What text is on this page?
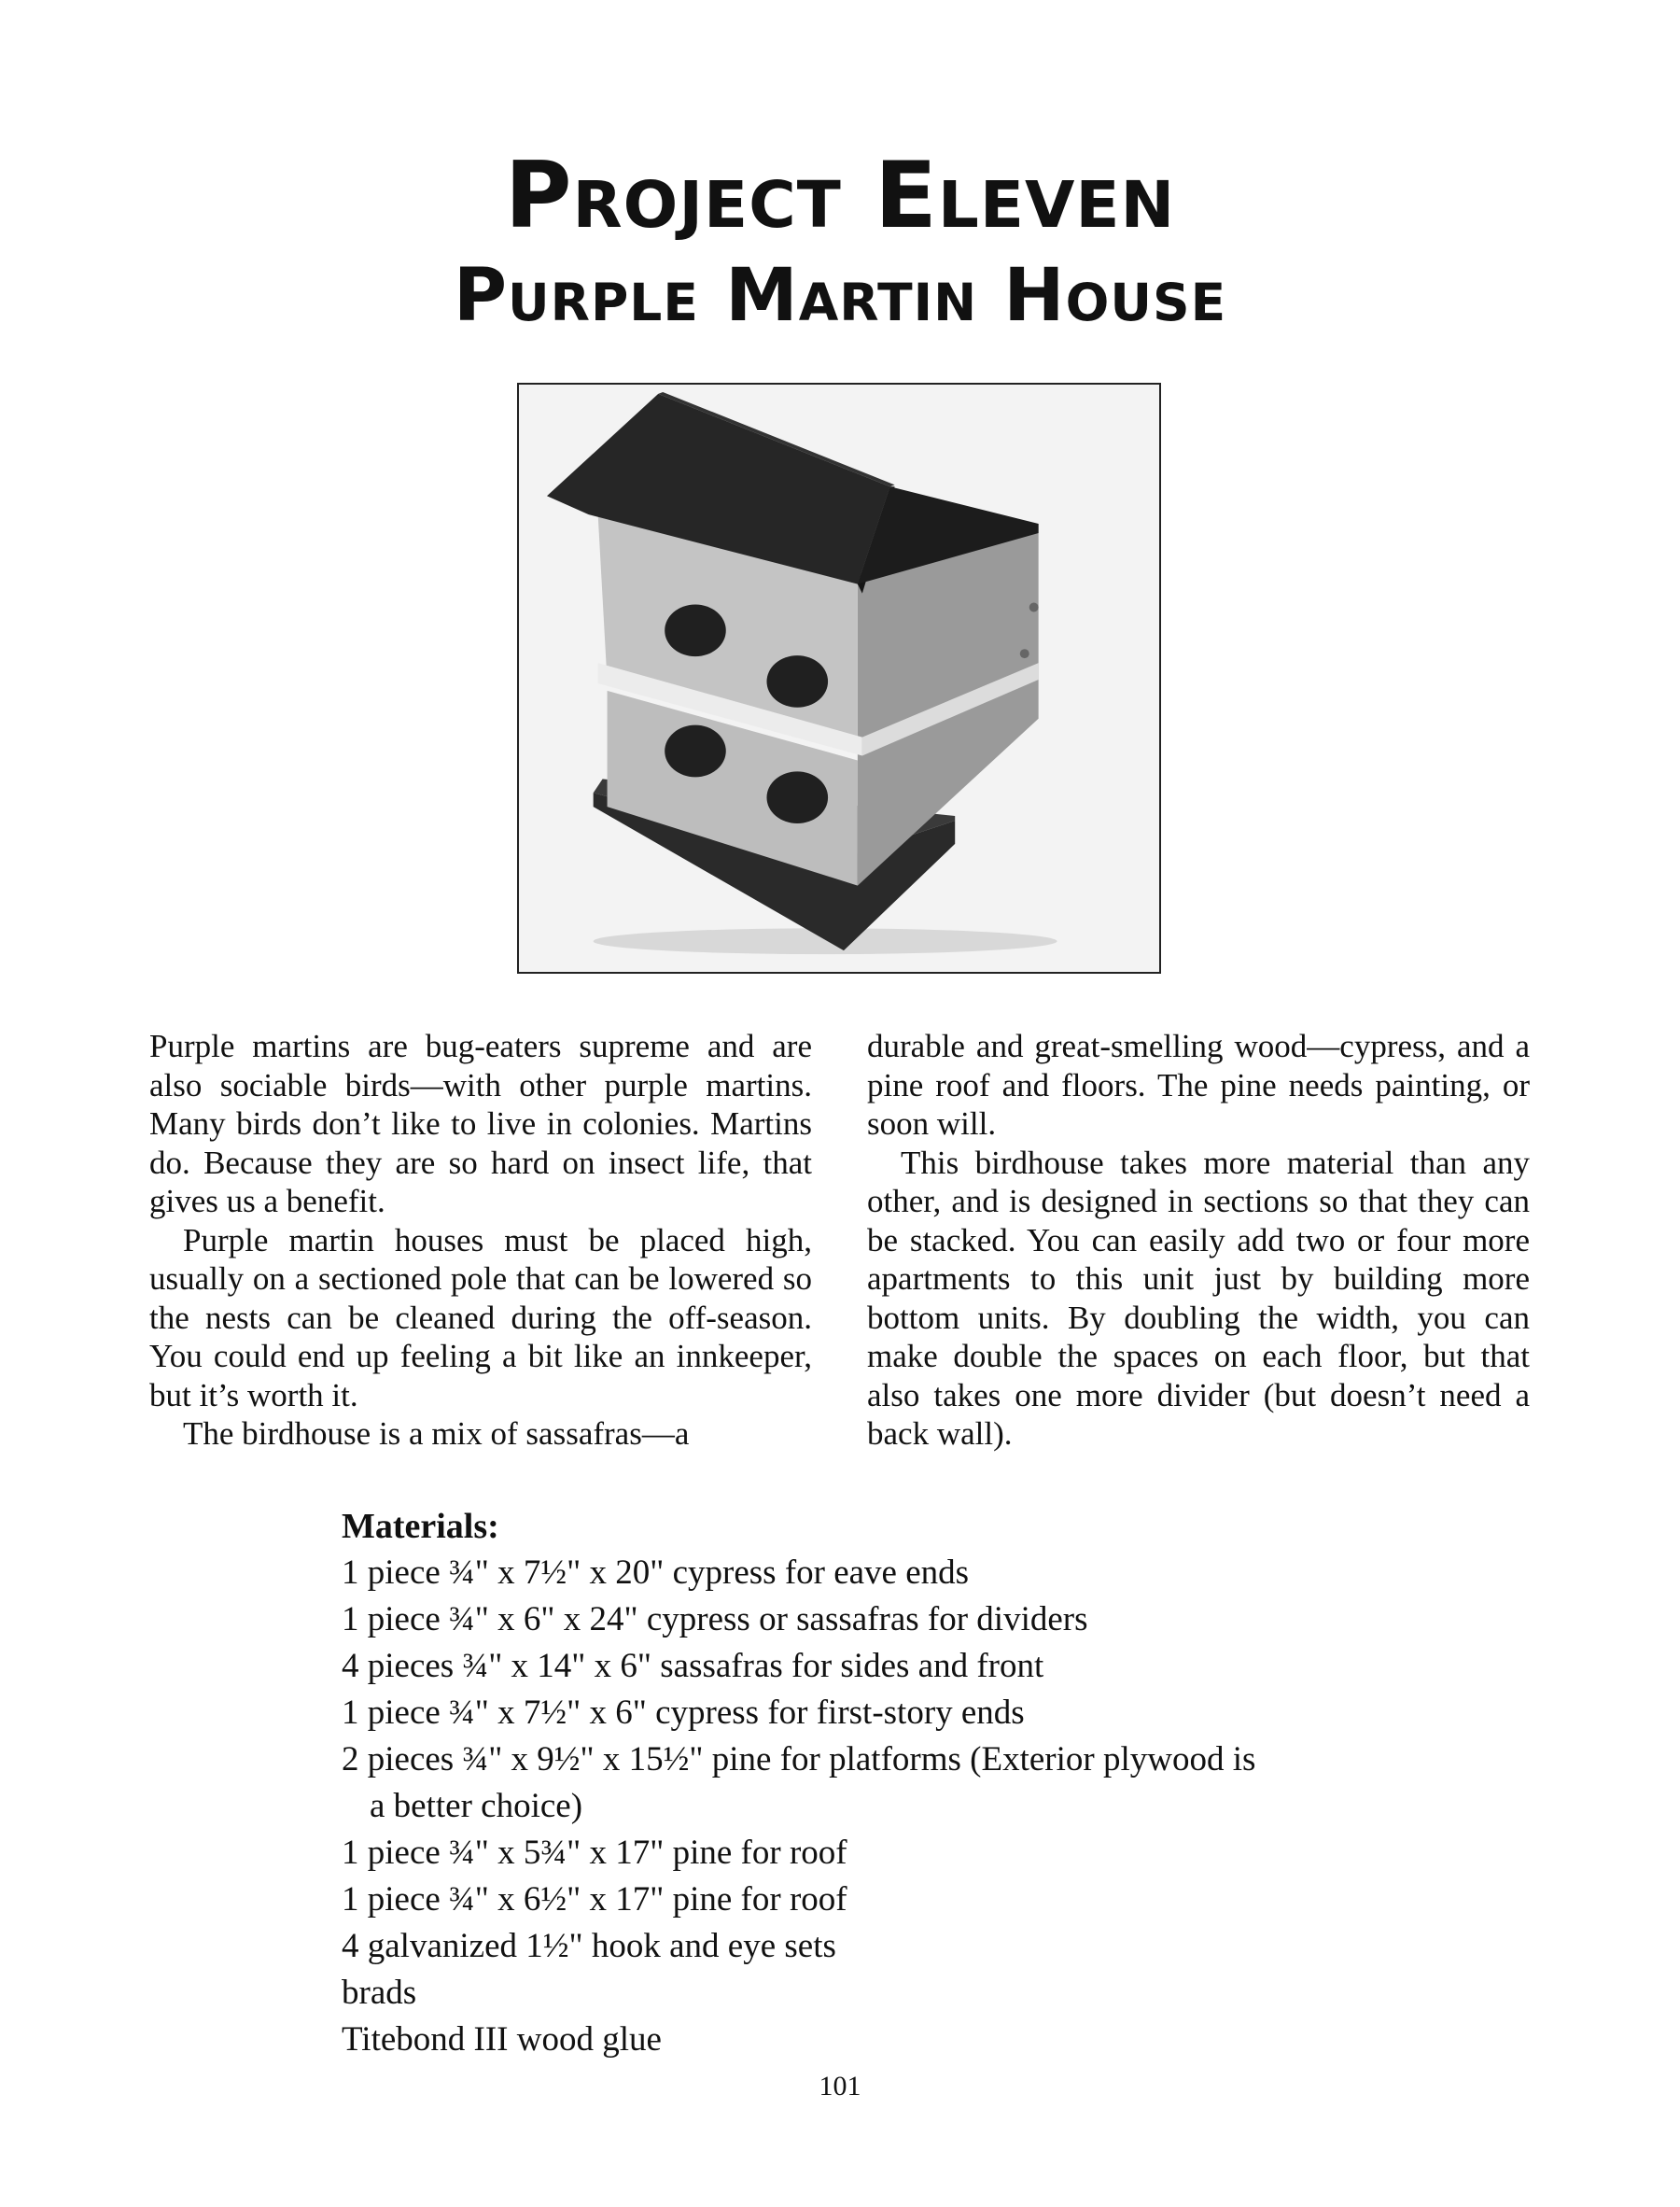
Project Eleven
Purple Martin House

Purple martins are bug-eaters supreme and are also sociable birds—with other purple martins. Many birds don’t like to live in colonies. Martins do. Because they are so hard on insect life, that gives us a benefit.

Purple martin houses must be placed high, usually on a sectioned pole that can be lowered so the nests can be cleaned during the off-season. You could end up feeling a bit like an innkeeper, but it’s worth it.

The birdhouse is a mix of sassafras—a

durable and great-smelling wood—cypress, and a pine roof and floors. The pine needs painting, or soon will.

This birdhouse takes more material than any other, and is designed in sections so that they can be stacked. You can easily add two or four more apartments to this unit just by building more bottom units. By doubling the width, you can make double the spaces on each floor, but that also takes one more divider (but doesn’t need a back wall).

Materials:
1 piece ¾" x 7½" x 20" cypress for eave ends
1 piece ¾" x 6" x 24" cypress or sassafras for dividers
4 pieces ¾" x 14" x 6" sassafras for sides and front
1 piece ¾" x 7½" x 6" cypress for first-story ends
2 pieces ¾" x 9½" x 15½" pine for platforms (Exterior plywood is
a better choice)
1 piece ¾" x 5¾" x 17" pine for roof
1 piece ¾" x 6½" x 17" pine for roof
4 galvanized 1½" hook and eye sets
brads
Titebond III wood glue
101
